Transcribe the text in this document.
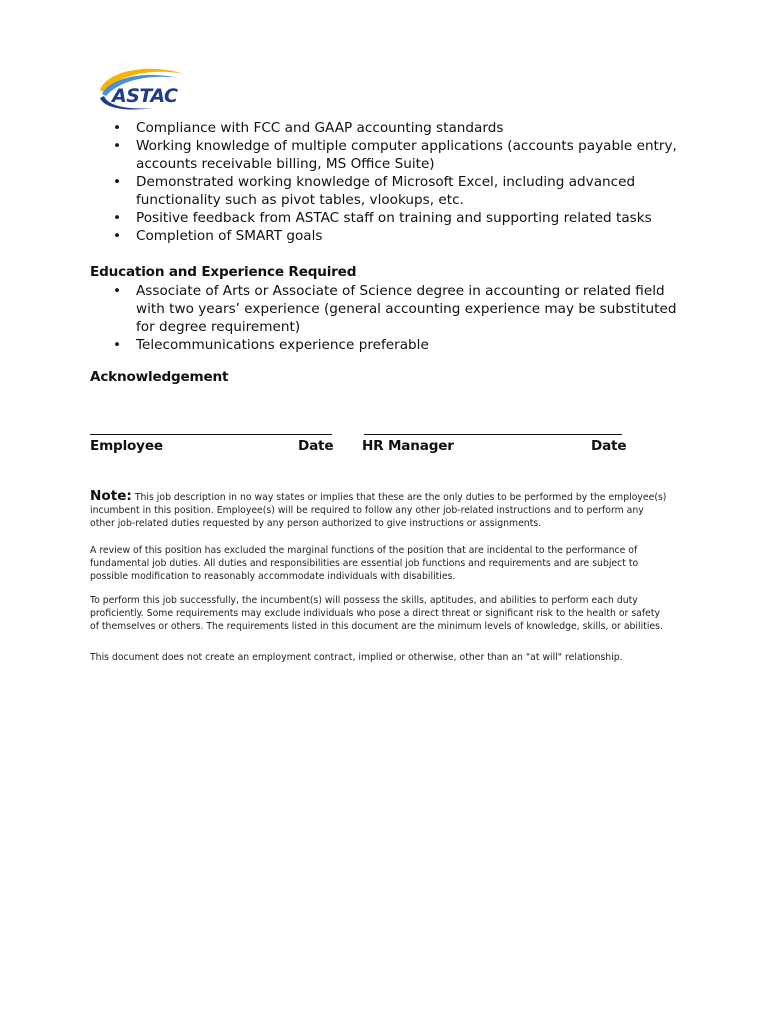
ASTAC
• Compliance with FCC and GAAP accounting standards
• Working knowledge of multiple computer applications (accounts payable entry, accounts receivable billing, MS Office Suite)
• Demonstrated working knowledge of Microsoft Excel, including advanced functionality such as pivot tables, vlookups, etc.
• Positive feedback from ASTAC staff on training and supporting related tasks
• Completion of SMART goals
Education and Experience Required
• Associate of Arts or Associate of Science degree in accounting or related field with two years’ experience (general accounting experience may be substituted for degree requirement)
• Telecommunications experience preferable
Acknowledgement
Employee	Date HR Manager	Date

Note: This job description in no way states or implies that these are the only duties to be performed by the employee(s) incumbent in this position. Employee(s) will be required to follow any other job-related instructions and to perform any other job-related duties requested by any person authorized to give instructions or assignments.

A review of this position has excluded the marginal functions of the position that are incidental to the performance of fundamental job duties. All duties and responsibilities are essential job functions and requirements and are subject to possible modification to reasonably accommodate individuals with disabilities.

To perform this job successfully, the incumbent(s) will possess the skills, aptitudes, and abilities to perform each duty proficiently. Some requirements may exclude individuals who pose a direct threat or significant risk to the health or safety of themselves or others. The requirements listed in this document are the minimum levels of knowledge, skills, or abilities.

This document does not create an employment contract, implied or otherwise, other than an "at will" relationship.
